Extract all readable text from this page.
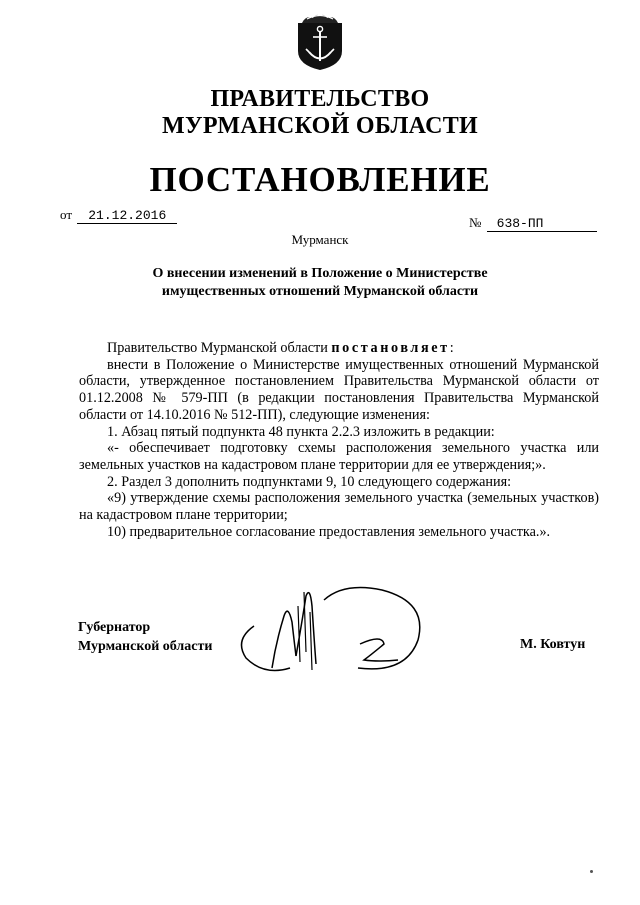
ПРАВИТЕЛЬСТВО
МУРМАНСКОЙ ОБЛАСТИ
ПОСТАНОВЛЕНИЕ
от 21.12.2016	№ 638-ПП
Мурманск
О внесении изменений в Положение о Министерстве
имущественных отношений Мурманской области

Правительство Мурманской области постановляет:

внести в Положение о Министерстве имущественных отношений Мурманской области, утвержденное постановлением Правительства Мурманской области от 01.12.2008 № 579-ПП (в редакции постановления Правительства Мурманской области от 14.10.2016 № 512-ПП), следующие изменения:

1. Абзац пятый подпункта 48 пункта 2.2.3 изложить в редакции:

«- обеспечивает подготовку схемы расположения земельного участка или земельных участков на кадастровом плане территории для ее утверждения;».

2. Раздел 3 дополнить подпунктами 9, 10 следующего содержания:

«9) утверждение схемы расположения земельного участка (земельных участков) на кадастровом плане территории;

10) предварительное согласование предоставления земельного участка.».

Губернатор
Мурманской области	М. Ковтун
